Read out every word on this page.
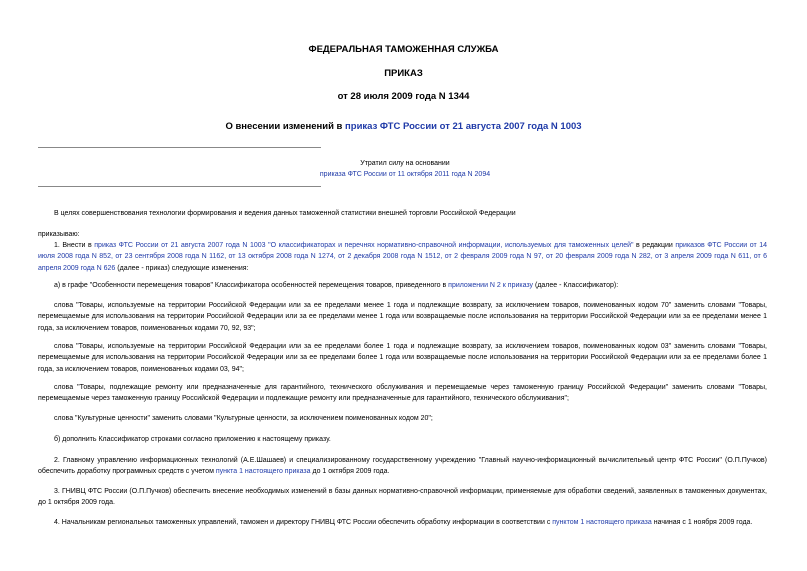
ФЕДЕРАЛЬНАЯ ТАМОЖЕННАЯ СЛУЖБА
ПРИКАЗ
от 28 июля 2009 года N 1344
О внесении изменений в приказ ФТС России от 21 августа 2007 года N 1003
Утратил силу на основании
приказа ФТС России от 11 октября 2011 года N 2094
В целях совершенствования технологии формирования и ведения данных таможенной статистики внешней торговли Российской Федерации
приказываю:
1. Внести в приказ ФТС России от 21 августа 2007 года N 1003 "О классификаторах и перечнях нормативно-справочной информации, используемых для таможенных целей" в редакции приказов ФТС России от 14 июля 2008 года N 852, от 23 сентября 2008 года N 1162, от 13 октября 2008 года N 1274, от 2 декабря 2008 года N 1512, от 2 февраля 2009 года N 97, от 20 февраля 2009 года N 282, от 3 апреля 2009 года N 611, от 6 апреля 2009 года N 626 (далее - приказ) следующие изменения:
а) в графе "Особенности перемещения товаров" Классификатора особенностей перемещения товаров, приведенного в приложении N 2 к приказу (далее - Классификатор):
слова "Товары, используемые на территории Российской Федерации или за ее пределами менее 1 года и подлежащие возврату, за исключением товаров, поименованных кодом 70" заменить словами "Товары, перемещаемые для использования на территории Российской Федерации или за ее пределами менее 1 года или возвращаемые после использования на территории Российской Федерации или за ее пределами менее 1 года, за исключением товаров, поименованных кодами 70, 92, 93";
слова "Товары, используемые на территории Российской Федерации или за ее пределами более 1 года и подлежащие возврату, за исключением товаров, поименованных кодом 03" заменить словами "Товары, перемещаемые для использования на территории Российской Федерации или за ее пределами более 1 года или возвращаемые после использования на территории Российской Федерации или за ее пределами более 1 года, за исключением товаров, поименованных кодами 03, 94";
слова "Товары, подлежащие ремонту или предназначенные для гарантийного, технического обслуживания и перемещаемые через таможенную границу Российской Федерации" заменить словами "Товары, перемещаемые через таможенную границу Российской Федерации и подлежащие ремонту или предназначенные для гарантийного, технического обслуживания";
слова "Культурные ценности" заменить словами "Культурные ценности, за исключением поименованных кодом 20";
б) дополнить Классификатор строками согласно приложению к настоящему приказу.
2. Главному управлению информационных технологий (А.Е.Шашаев) и специализированному государственному учреждению "Главный научно-информационный вычислительный центр ФТС России" (О.П.Пучков) обеспечить доработку программных средств с учетом пункта 1 настоящего приказа до 1 октября 2009 года.
3. ГНИВЦ ФТС России (О.П.Пучков) обеспечить внесение необходимых изменений в базы данных нормативно-справочной информации, применяемые для обработки сведений, заявленных в таможенных документах, до 1 октября 2009 года.
4. Начальникам региональных таможенных управлений, таможен и директору ГНИВЦ ФТС России обеспечить обработку информации в соответствии с пунктом 1 настоящего приказа начиная с 1 ноября 2009 года.
